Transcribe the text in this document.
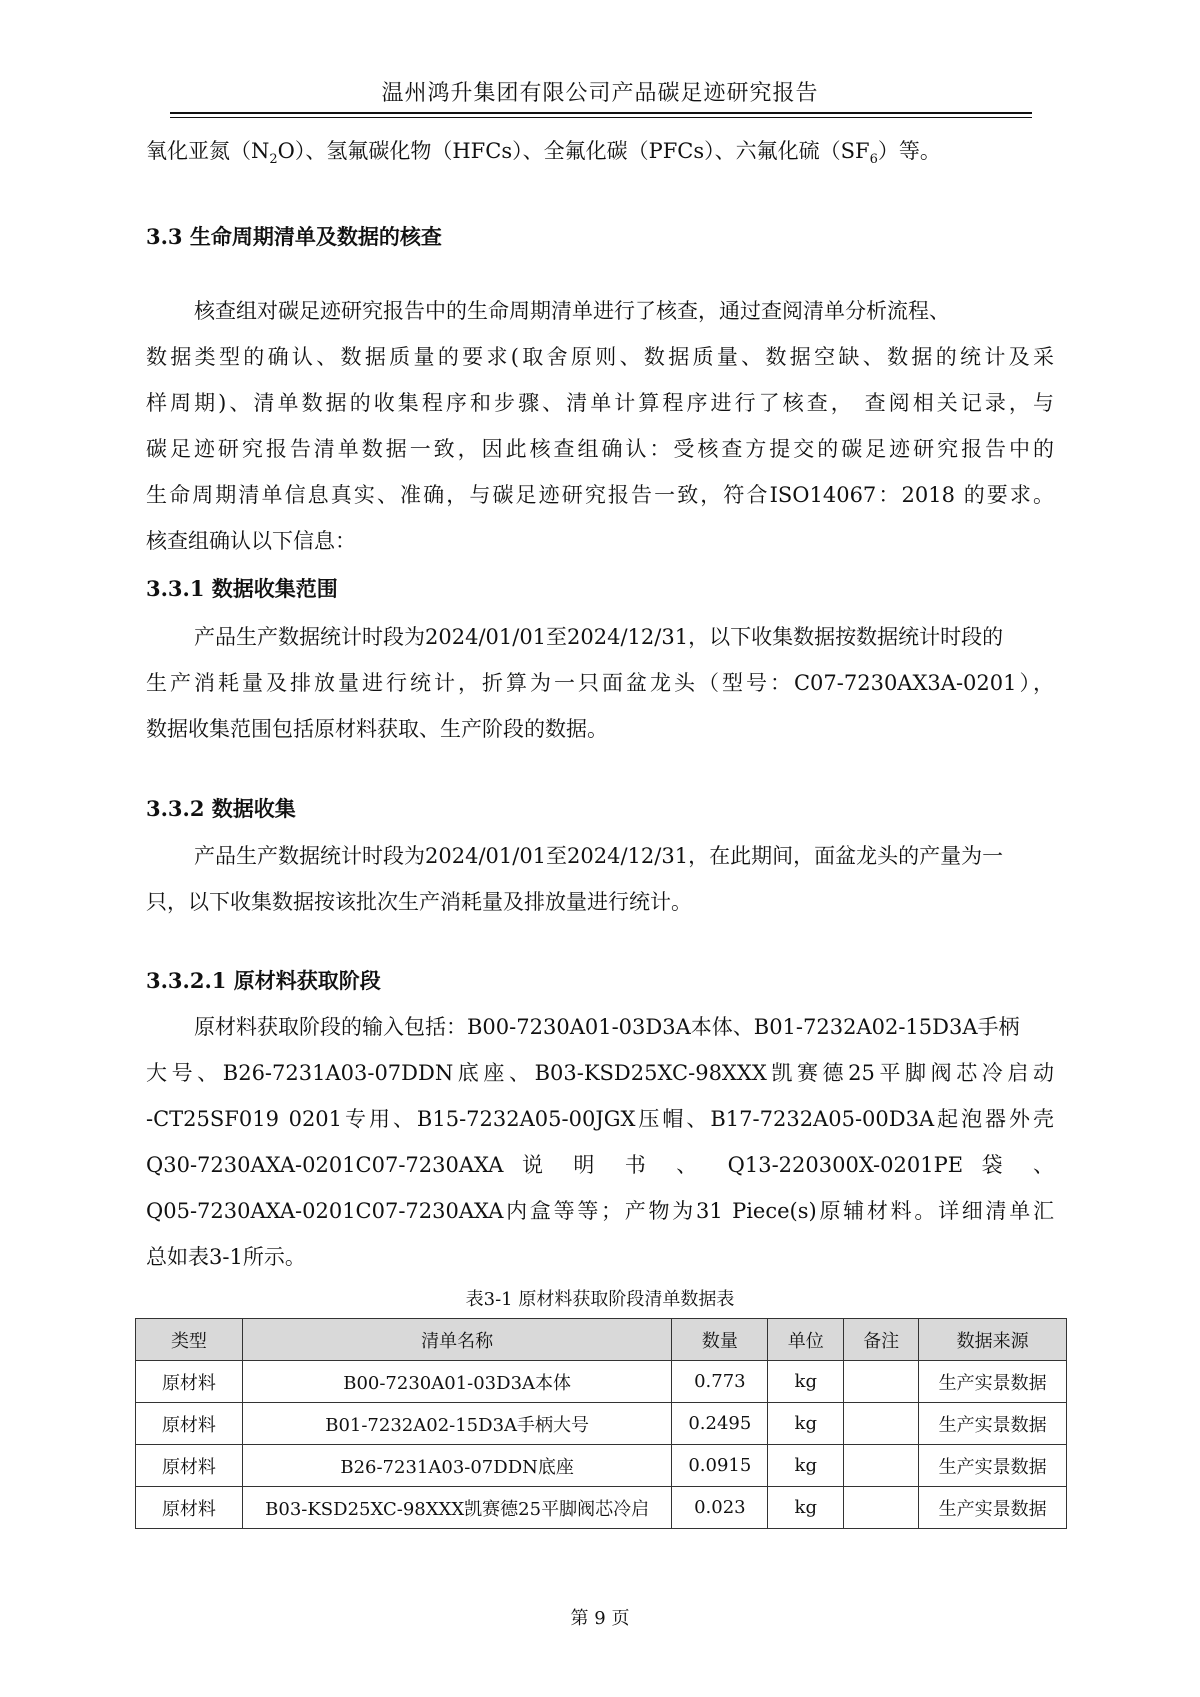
温州鸿升集团有限公司产品碳足迹研究报告
氧化亚氮$(N_2O)$、氢氟碳化物（HFCs）、全氟化碳（PFCs）、六氟化硫$(SF_6)$等。
3.3 生命周期清单及数据的核查
核查组对碳足迹研究报告中的生命周期清单进行了核查，通过查阅清单分析流程、
数据类型的确认、数据质量的要求(取舍原则、数据质量、数据空缺、数据的统计及采
样周期)、清单数据的收集程序和步骤、清单计算程序进行了核查， 查阅相关记录，与
碳足迹研究报告清单数据一致，因此核查组确认：受核查方提交的碳足迹研究报告中的
生命周期清单信息真实、准确，与碳足迹研究报告一致，符合ISO14067：2018 的要求。
核查组确认以下信息：
3.3.1 数据收集范围
产品生产数据统计时段为2024/01/01至2024/12/31，以下收集数据按数据统计时段的
生产消耗量及排放量进行统计，折算为一只面盆龙头（型号：C07-7230AX3A-0201），
数据收集范围包括原材料获取、生产阶段的数据。
3.3.2 数据收集
产品生产数据统计时段为2024/01/01至2024/12/31，在此期间，面盆龙头的产量为一
只，以下收集数据按该批次生产消耗量及排放量进行统计。
3.3.2.1 原材料获取阶段
原材料获取阶段的输入包括：B00-7230A01-03D3A本体、B01-7232A02-15D3A手柄
大号、B26-7231A03-07DDN底座、B03-KSD25XC-98XXX凯赛德25平脚阀芯冷启动
-CT25SF019 0201专用、B15-7232A05-00JGX压帽、B17-7232A05-00D3A起泡器外壳
Q30-7230AXA-0201C07-7230AXA 说 明 书 、 Q13-220300X-0201PE 袋 、
Q05-7230AXA-0201C07-7230AXA内盒等等；产物为31 Piece(s)原辅材料。详细清单汇
总如表3-1所示。
表3-1 原材料获取阶段清单数据表
类型	清单名称	数量	单位	备注	数据来源
原材料	B00-7230A01-03D3A本体	0.773	kg		生产实景数据
原材料	B01-7232A02-15D3A手柄大号	0.2495	kg		生产实景数据
原材料	B26-7231A03-07DDN底座	0.0915	kg		生产实景数据
原材料	B03-KSD25XC-98XXX凯赛德25平脚阀芯冷启	0.023	kg		生产实景数据
第 9 页
